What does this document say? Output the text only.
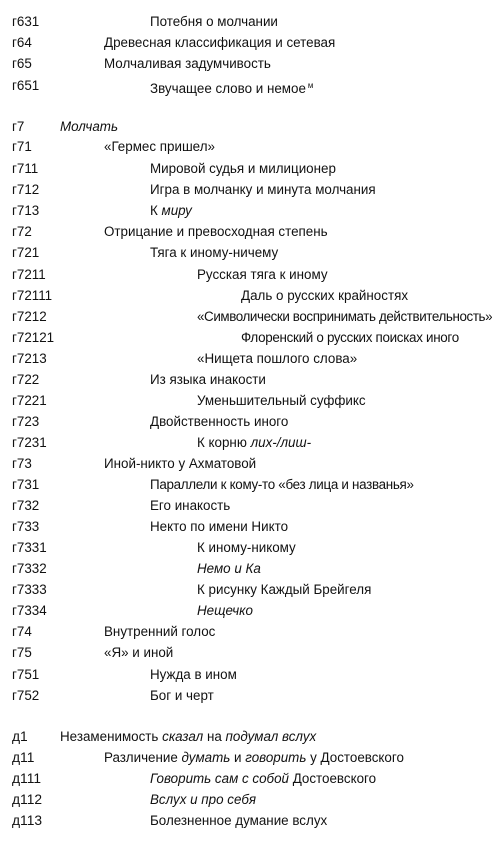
г631	Потебня о молчании
г64	Древесная классификация и сетевая
г65	Молчаливая задумчивость
г651	Звучащее слово и немое $^м$
г7	Молчать
г71	«Гермес пришел»
г711	Мировой судья и милиционер
г712	Игра в молчанку и минута молчания
г713	К миру
г72	Отрицание и превосходная степень
г721	Тяга к иному-ничему
г7211	Русская тяга к иному
г72111	Даль о русских крайностях
г7212	«Символически воспринимать действительность»
г72121	Флоренский о русских поисках иного
г7213	«Нищета пошлого слова»
г722	Из языка инакости
г7221	Уменьшительный суффикс
г723	Двойственность иного
г7231	К корню лих-/лиш-
г73	Иной-никто у Ахматовой
г731	Параллели к кому-то «без лица и названья»
г732	Его инакость
г733	Некто по имени Никто
г7331	К иному-никому
г7332	Немо и Ка
г7333	К рисунку Каждый Брейгеля
г7334	Нещечко
г74	Внутренний голос
г75	«Я» и иной
г751	Нужда в ином
г752	Бог и черт
д1 Незаменимость сказал на подумал вслух
д11	Различение думать и говорить у Достоевского
д111	Говорить сам с собой Достоевского
д112	Вслух и про себя
д113	Болезненное думание вслух
